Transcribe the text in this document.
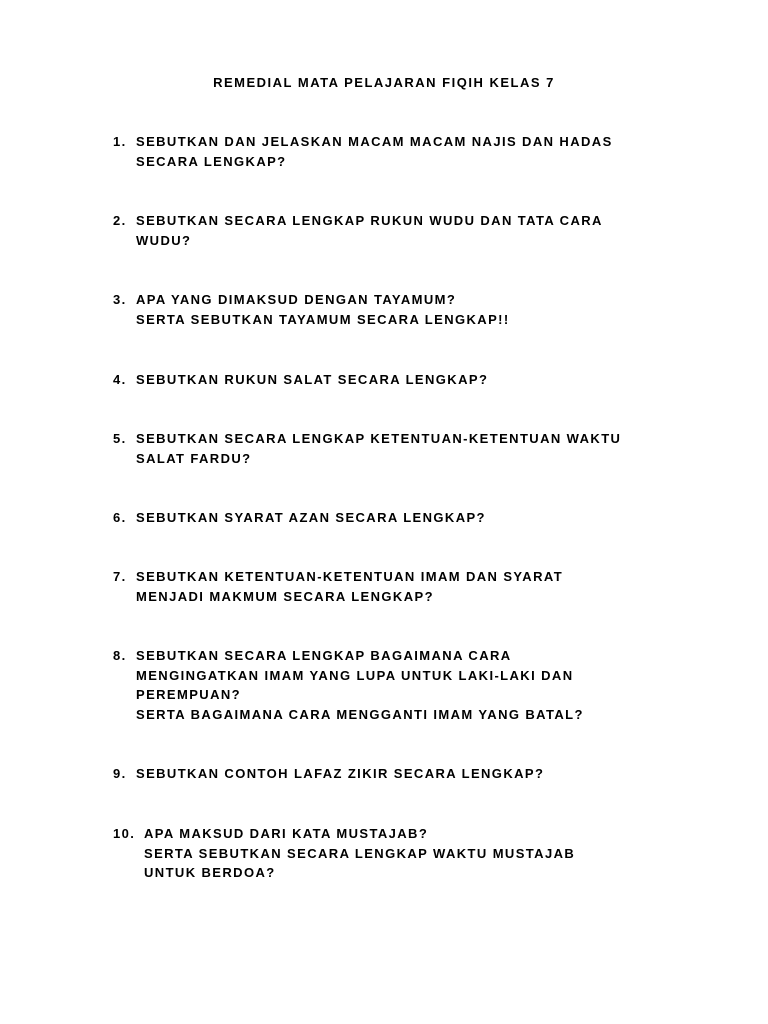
REMEDIAL MATA PELAJARAN FIQIH KELAS 7
1. SEBUTKAN DAN JELASKAN MACAM MACAM NAJIS DAN HADAS
SECARA LENGKAP?
2. SEBUTKAN SECARA LENGKAP RUKUN WUDU DAN TATA CARA
WUDU?
3. APA YANG DIMAKSUD DENGAN TAYAMUM?
SERTA SEBUTKAN TAYAMUM SECARA LENGKAP!!
4. SEBUTKAN RUKUN SALAT SECARA LENGKAP?
5. SEBUTKAN SECARA LENGKAP KETENTUAN-KETENTUAN WAKTU
SALAT FARDU?
6. SEBUTKAN SYARAT AZAN SECARA LENGKAP?
7. SEBUTKAN KETENTUAN-KETENTUAN IMAM DAN SYARAT
MENJADI MAKMUM SECARA LENGKAP?
8. SEBUTKAN SECARA LENGKAP BAGAIMANA CARA
MENGINGATKAN IMAM YANG LUPA UNTUK LAKI-LAKI DAN
PEREMPUAN?
SERTA BAGAIMANA CARA MENGGANTI IMAM YANG BATAL?
9. SEBUTKAN CONTOH LAFAZ ZIKIR SECARA LENGKAP?
10. APA MAKSUD DARI KATA MUSTAJAB?
SERTA SEBUTKAN SECARA LENGKAP WAKTU MUSTAJAB
UNTUK BERDOA?
